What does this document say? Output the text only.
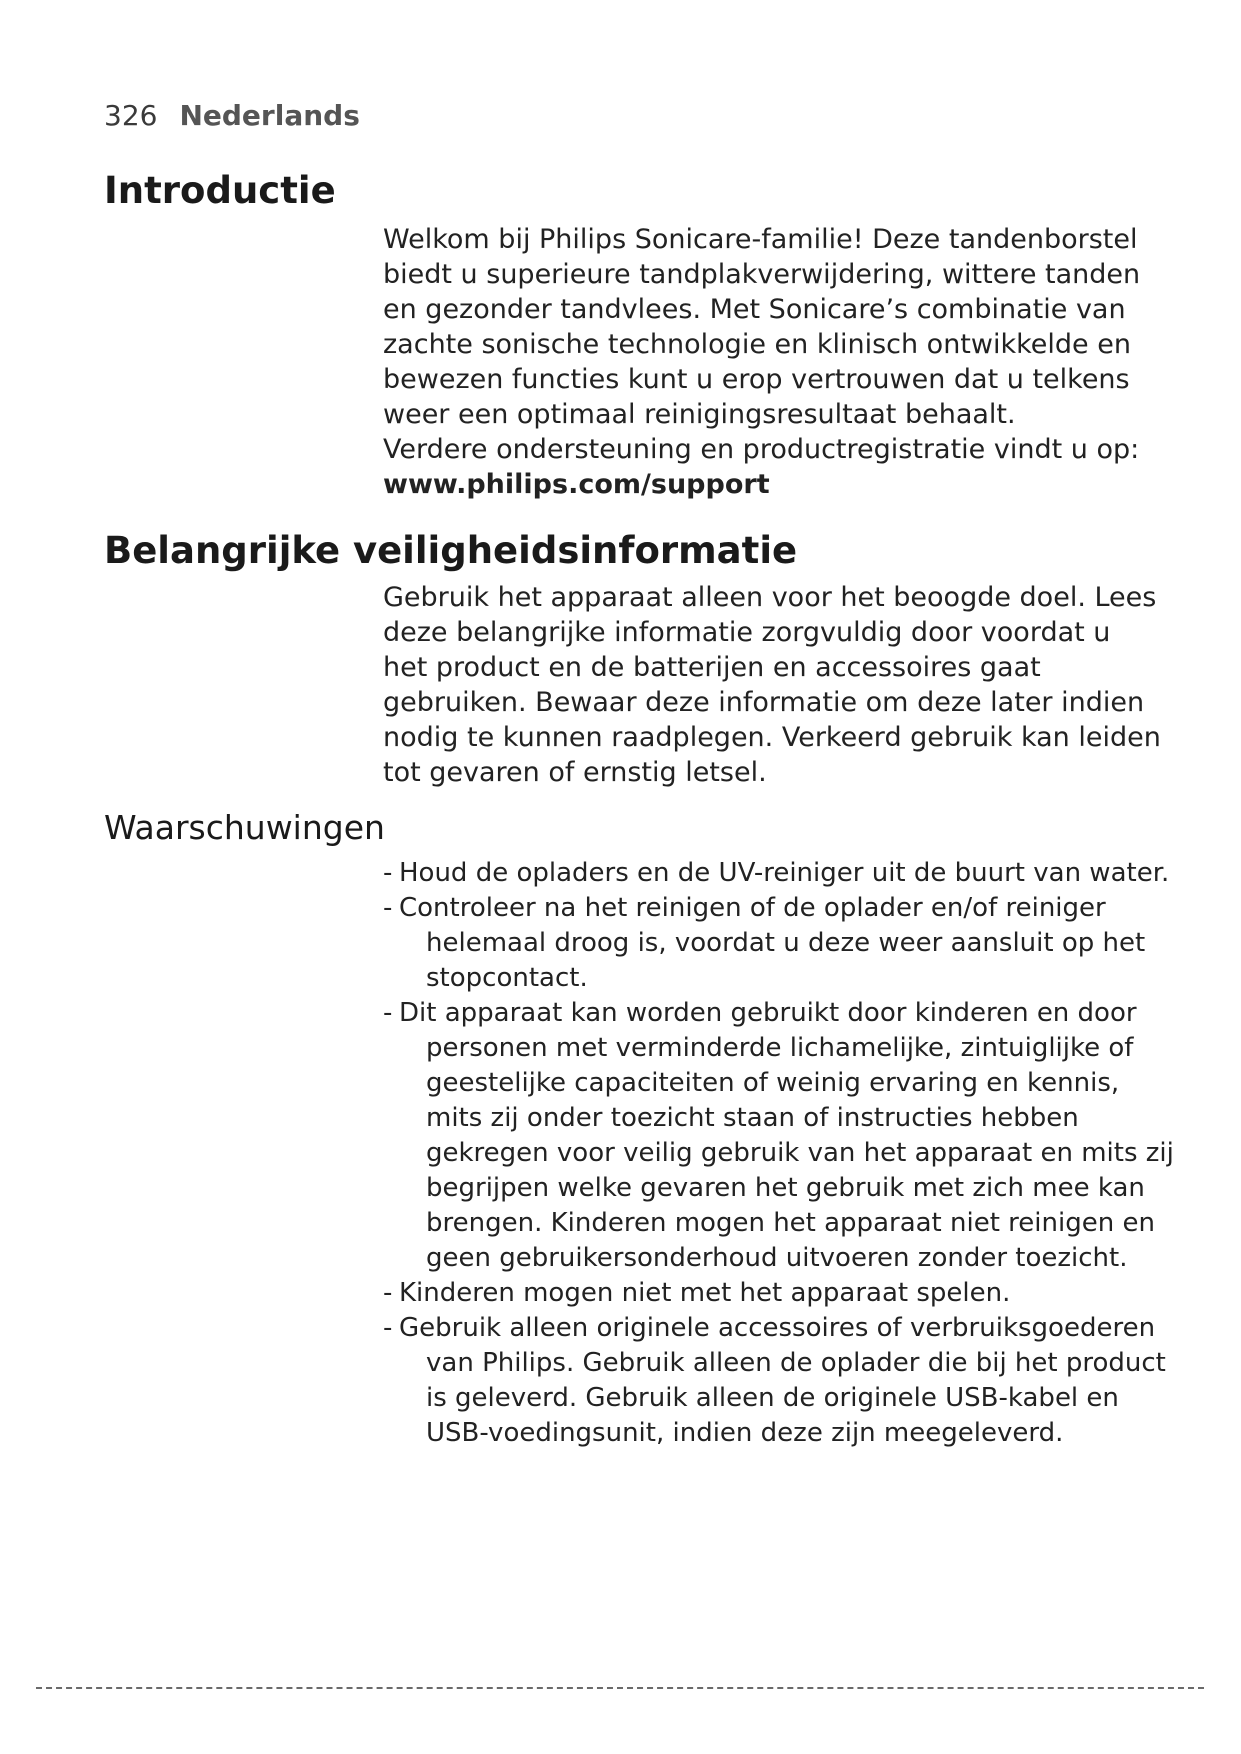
326 Nederlands
Introductie

Welkom bij Philips Sonicare-familie! Deze tandenborstel biedt u superieure tandplakverwijdering, wittere tanden en gezonder tandvlees. Met Sonicare’s combinatie van zachte sonische technologie en klinisch ontwikkelde en bewezen functies kunt u erop vertrouwen dat u telkens weer een optimaal reinigingsresultaat behaalt.

Verdere ondersteuning en productregistratie vindt u op:

www.philips.com/support

Belangrijke veiligheidsinformatie

Gebruik het apparaat alleen voor het beoogde doel. Lees deze belangrijke informatie zorgvuldig door voordat u het product en de batterijen en accessoires gaat gebruiken. Bewaar deze informatie om deze later indien nodig te kunnen raadplegen. Verkeerd gebruik kan leiden tot gevaren of ernstig letsel.

Waarschuwingen
- Houd de opladers en de UV-reiniger uit de buurt van water.
- Controleer na het reinigen of de oplader en/of reiniger helemaal droog is, voordat u deze weer aansluit op het stopcontact.
- Dit apparaat kan worden gebruikt door kinderen en door personen met verminderde lichamelijke, zintuiglijke of geestelijke capaciteiten of weinig ervaring en kennis, mits zij onder toezicht staan of instructies hebben gekregen voor veilig gebruik van het apparaat en mits zij begrijpen welke gevaren het gebruik met zich mee kan brengen. Kinderen mogen het apparaat niet reinigen en geen gebruikersonderhoud uitvoeren zonder toezicht.
- Kinderen mogen niet met het apparaat spelen.
- Gebruik alleen originele accessoires of verbruiksgoederen van Philips. Gebruik alleen de oplader die bij het product is geleverd. Gebruik alleen de originele USB-kabel en USB-voedingsunit, indien deze zijn meegeleverd.
